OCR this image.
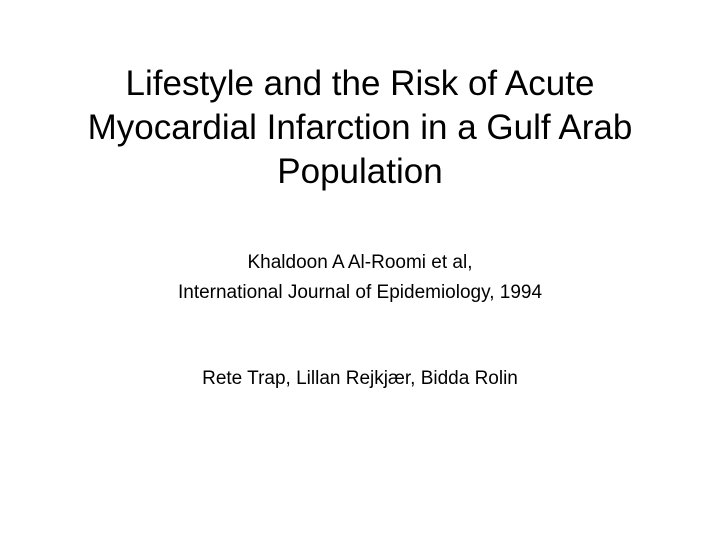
Lifestyle and the Risk of Acute
Myocardial Infarction in a Gulf Arab
Population
Khaldoon A Al-Roomi et al,
International Journal of Epidemiology, 1994
Rete Trap, Lillan Rejkjær, Bidda Rolin
